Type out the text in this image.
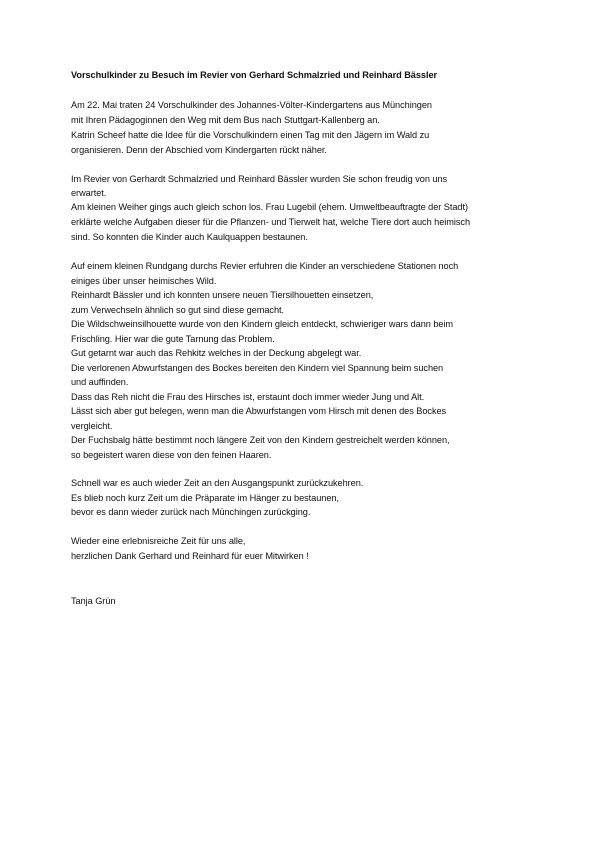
Vorschulkinder zu Besuch im Revier von Gerhard Schmalzried und Reinhard Bässler
Am 22. Mai traten 24 Vorschulkinder des Johannes-Völter-Kindergartens aus Münchingen
mit Ihren Pädagoginnen den Weg mit dem Bus nach Stuttgart-Kallenberg an.
Katrin Scheef hatte die Idee für die Vorschulkindern einen Tag mit den Jägern im Wald zu
organisieren. Denn der Abschied vom Kindergarten rückt näher.
Im Revier von Gerhardt Schmalzried und Reinhard Bässler wurden Sie schon freudig von uns
erwartet.
Am kleinen Weiher gings auch gleich schon los. Frau Lugebil (ehem. Umweltbeauftragte der Stadt)
erklärte welche Aufgaben dieser für die Pflanzen- und Tierwelt hat, welche Tiere dort auch heimisch
sind. So konnten die Kinder auch Kaulquappen bestaunen.
Auf einem kleinen Rundgang durchs Revier erfuhren die Kinder an verschiedene Stationen noch
einiges über unser heimisches Wild.
Reinhardt Bässler und ich konnten unsere neuen Tiersilhouetten einsetzen,
zum Verwechseln ähnlich so gut sind diese gemacht.
Die Wildschweinsilhouette wurde von den Kindern gleich entdeckt, schwieriger wars dann beim
Frischling. Hier war die gute Tarnung das Problem.
Gut getarnt war auch das Rehkitz welches in der Deckung abgelegt war.
Die verlorenen Abwurfstangen des Bockes bereiten den Kindern viel Spannung beim suchen
und auffinden.
Dass das Reh nicht die Frau des Hirsches ist, erstaunt doch immer wieder Jung und Alt.
Lässt sich aber gut belegen, wenn man die Abwurfstangen vom Hirsch mit denen des Bockes
vergleicht.
Der Fuchsbalg hätte bestimmt noch längere Zeit von den Kindern gestreichelt werden können,
so begeistert waren diese von den feinen Haaren.
Schnell war es auch wieder Zeit an den Ausgangspunkt zurückzukehren.
Es blieb noch kurz Zeit um die Präparate im Hänger zu bestaunen,
bevor es dann wieder zurück nach Münchingen zurückging.
Wieder eine erlebnisreiche Zeit für uns alle,
herzlichen Dank Gerhard und Reinhard für euer Mitwirken !
Tanja Grün
